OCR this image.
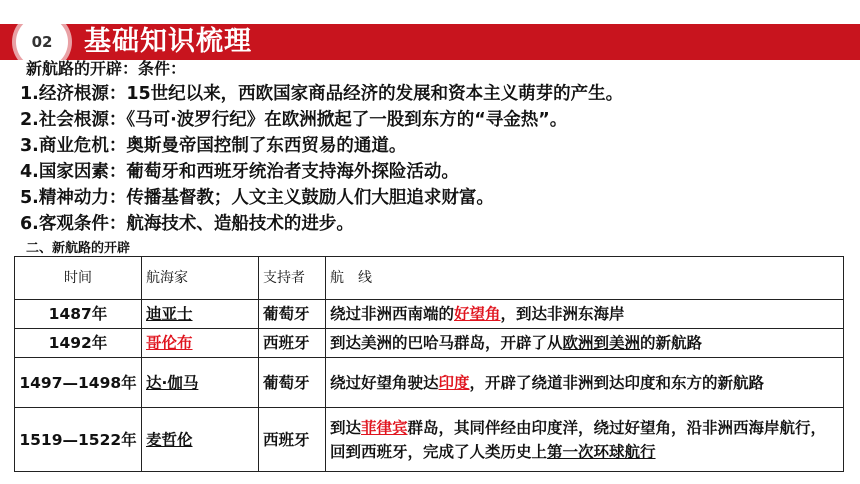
02	基础知识梳理
新航路的开辟：条件：
1.经济根源：15世纪以来，西欧国家商品经济的发展和资本主义萌芽的产生。
2.社会根源：《马可·波罗行纪》在欧洲掀起了一股到东方的“寻金热”。
3.商业危机：奥斯曼帝国控制了东西贸易的通道。
4.国家因素：葡萄牙和西班牙统治者支持海外探险活动。
5.精神动力：传播基督教；人文主义鼓励人们大胆追求财富。
6.客观条件：航海技术、造船技术的进步。
二、新航路的开辟
时间	航海家	支持者	航　线
1487年	迪亚士	葡萄牙	绕过非洲西南端的好望角，到达非洲东海岸
1492年	哥伦布	西班牙	到达美洲的巴哈马群岛，开辟了从欧洲到美洲的新航路
1497—1498年	达·伽马	葡萄牙	绕过好望角驶达印度，开辟了绕道非洲到达印度和东方的新航路
1519—1522年	麦哲伦	西班牙	到达菲律宾群岛，其同伴经由印度洋，绕过好望角，沿非洲西海岸航行，回到西班牙，完成了人类历史上第一次环球航行
